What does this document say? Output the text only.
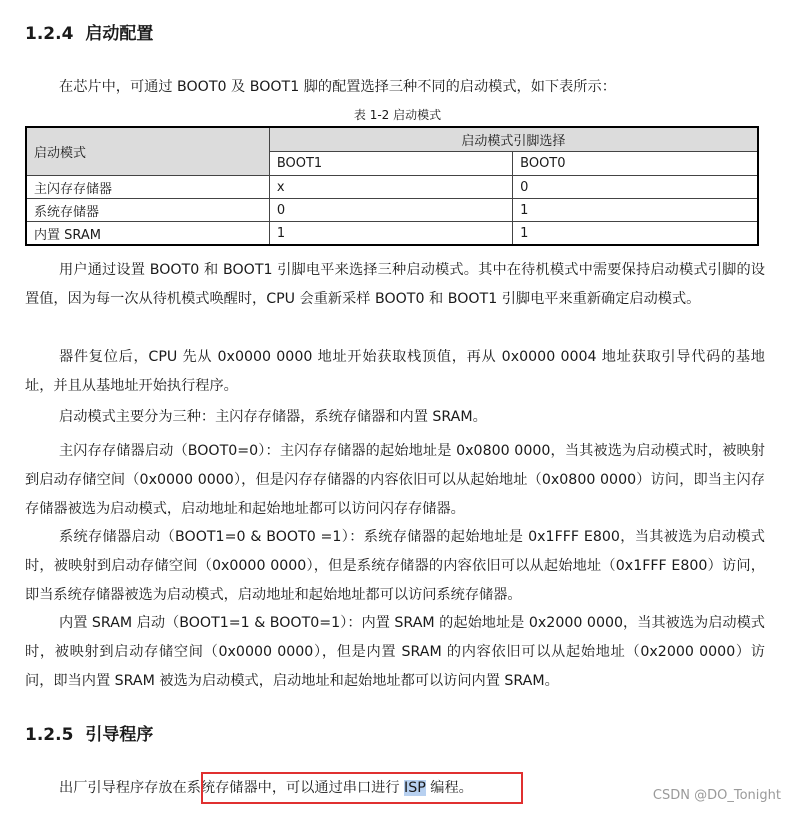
1.2.4 启动配置
在芯片中，可通过 BOOT0 及 BOOT1 脚的配置选择三种不同的启动模式，如下表所示：
表 1-2 启动模式
启动模式	启动模式引脚选择	
	BOOT1	BOOT0
主闪存存储器	x	0
系统存储器	0	1
内置 SRAM	1	1
用户通过设置 BOOT0 和 BOOT1 引脚电平来选择三种启动模式。其中在待机模式中需要保持启动模式引脚的设置值，因为每一次从待机模式唤醒时，CPU 会重新采样 BOOT0 和 BOOT1 引脚电平来重新确定启动模式。
器件复位后，CPU 先从 0x0000 0000 地址开始获取栈顶值，再从 0x0000 0004 地址获取引导代码的基地址，并且从基地址开始执行程序。
启动模式主要分为三种：主闪存存储器，系统存储器和内置 SRAM。
主闪存存储器启动（BOOT0=0）：主闪存存储器的起始地址是 0x0800 0000，当其被选为启动模式时，被映射到启动存储空间（0x0000 0000），但是闪存存储器的内容依旧可以从起始地址（0x0800 0000）访问，即当主闪存存储器被选为启动模式，启动地址和起始地址都可以访问闪存存储器。
系统存储器启动（BOOT1=0 & BOOT0 =1）：系统存储器的起始地址是 0x1FFF E800，当其被选为启动模式时，被映射到启动存储空间（0x0000 0000），但是系统存储器的内容依旧可以从起始地址（0x1FFF E800）访问，即当系统存储器被选为启动模式，启动地址和起始地址都可以访问系统存储器。
内置 SRAM 启动（BOOT1=1 & BOOT0=1）：内置 SRAM 的起始地址是 0x2000 0000，当其被选为启动模式时，被映射到启动存储空间（0x0000 0000），但是内置 SRAM 的内容依旧可以从起始地址（0x2000 0000）访问，即当内置 SRAM 被选为启动模式，启动地址和起始地址都可以访问内置 SRAM。
1.2.5 引导程序
出厂引导程序存放在系统存储器中，可以通过串口进行 ISP 编程。	CSDN @DO_Tonight
